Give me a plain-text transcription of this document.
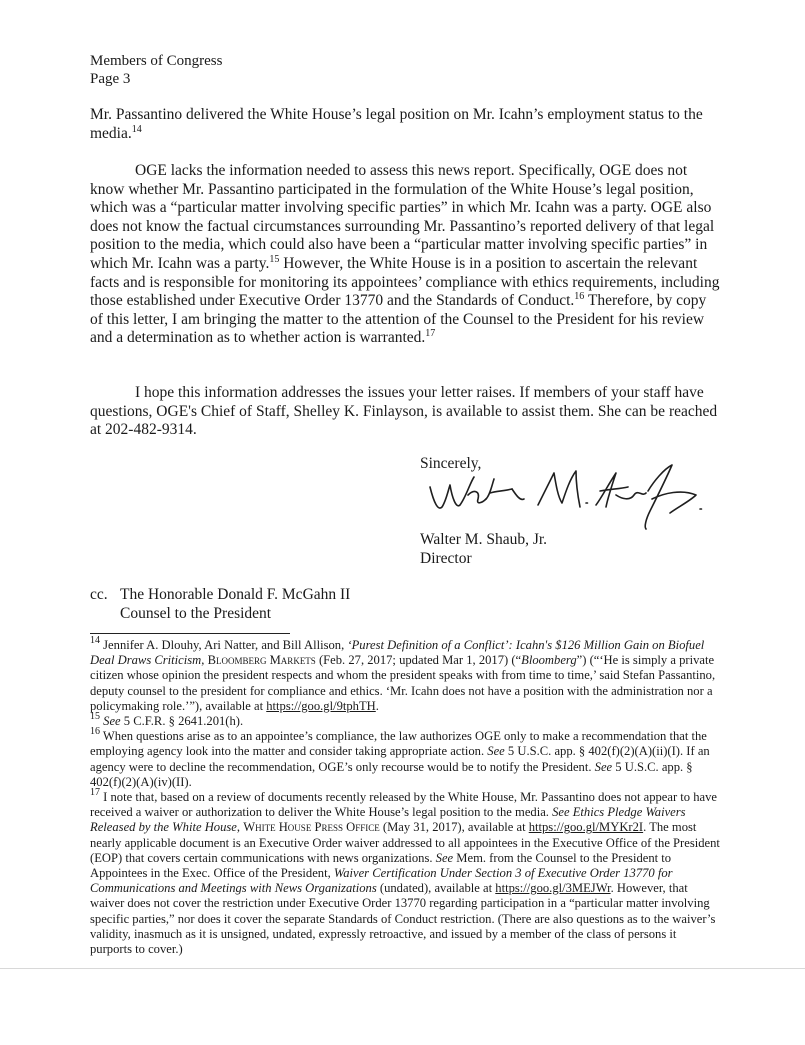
Members of Congress
Page 3

Mr. Passantino delivered the White House’s legal position on Mr. Icahn’s employment status to the media.$^{14}$

OGE lacks the information needed to assess this news report. Specifically, OGE does not know whether Mr. Passantino participated in the formulation of the White House’s legal position, which was a “particular matter involving specific parties” in which Mr. Icahn was a party. OGE also does not know the factual circumstances surrounding Mr. Passantino’s reported delivery of that legal position to the media, which could also have been a “particular matter involving specific parties” in which Mr. Icahn was a party.$^{15}$ However, the White House is in a position to ascertain the relevant facts and is responsible for monitoring its appointees’ compliance with ethics requirements, including those established under Executive Order 13770 and the Standards of Conduct.$^{16}$ Therefore, by copy of this letter, I am bringing the matter to the attention of the Counsel to the President for his review and a determination as to whether action is warranted.$^{17}$

I hope this information addresses the issues your letter raises. If members of your staff have questions, OGE's Chief of Staff, Shelley K. Finlayson, is available to assist them. She can be reached at 202-482-9314.

Sincerely,
Walter M. Shaub, Jr.
Director
cc. The Honorable Donald F. McGahn II
Counsel to the President

$^{14}$ Jennifer A. Dlouhy, Ari Natter, and Bill Allison, ‘Purest Definition of a Conflict’: Icahn's $126 Million Gain on Biofuel Deal Draws Criticism, Bloomberg Markets (Feb. 27, 2017; updated Mar 1, 2017) (“Bloomberg”) (“‘He is simply a private citizen whose opinion the president respects and whom the president speaks with from time to time,’ said Stefan Passantino, deputy counsel to the president for compliance and ethics. ‘Mr. Icahn does not have a position with the administration nor a policymaking role.’”), available at https://goo.gl/9tphTH.

$^{15}$ See 5 C.F.R. § 2641.201(h).

$^{16}$ When questions arise as to an appointee’s compliance, the law authorizes OGE only to make a recommendation that the employing agency look into the matter and consider taking appropriate action. See 5 U.S.C. app. § 402(f)(2)(A)(ii)(I). If an agency were to decline the recommendation, OGE’s only recourse would be to notify the President. See 5 U.S.C. app. § 402(f)(2)(A)(iv)(II).

$^{17}$ I note that, based on a review of documents recently released by the White House, Mr. Passantino does not appear to have received a waiver or authorization to deliver the White House’s legal position to the media. See Ethics Pledge Waivers Released by the White House, White House Press Office (May 31, 2017), available at https://goo.gl/MYKr2I. The most nearly applicable document is an Executive Order waiver addressed to all appointees in the Executive Office of the President (EOP) that covers certain communications with news organizations. See Mem. from the Counsel to the President to Appointees in the Exec. Office of the President, Waiver Certification Under Section 3 of Executive Order 13770 for Communications and Meetings with News Organizations (undated), available at https://goo.gl/3MEJWr. However, that waiver does not cover the restriction under Executive Order 13770 regarding participation in a “particular matter involving specific parties,” nor does it cover the separate Standards of Conduct restriction. (There are also questions as to the waiver’s validity, inasmuch as it is unsigned, undated, expressly retroactive, and issued by a member of the class of persons it purports to cover.)
